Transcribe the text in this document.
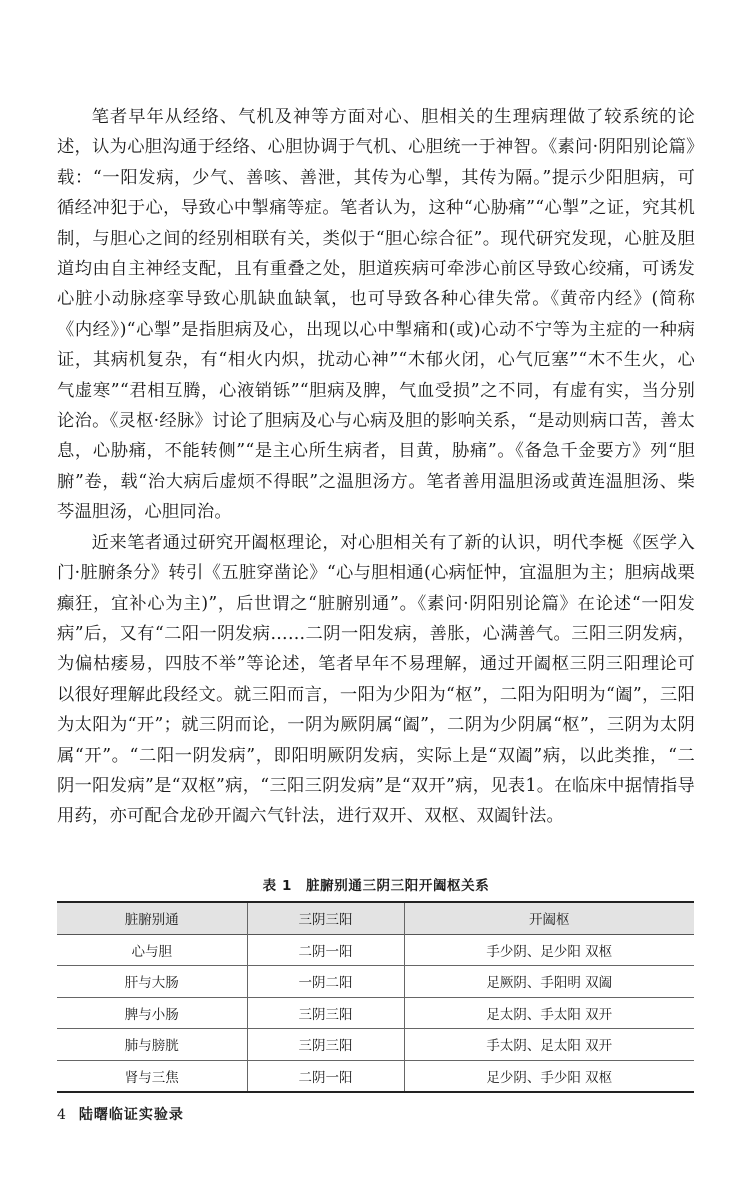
笔者早年从经络、气机及神等方面对心、胆相关的生理病理做了较系统的论述，认为心胆沟通于经络、心胆协调于气机、心胆统一于神智。《素问·阴阳别论篇》载：“一阳发病，少气、善咳、善泄，其传为心掣，其传为隔。”提示少阳胆病，可循经冲犯于心，导致心中掣痛等症。笔者认为，这种“心胁痛”“心掣”之证，究其机制，与胆心之间的经别相联有关，类似于“胆心综合征”。现代研究发现，心脏及胆道均由自主神经支配，且有重叠之处，胆道疾病可牵涉心前区导致心绞痛，可诱发心脏小动脉痉挛导致心肌缺血缺氧，也可导致各种心律失常。《黄帝内经》(简称《内经》)“心掣”是指胆病及心，出现以心中掣痛和(或)心动不宁等为主症的一种病证，其病机复杂，有“相火内炽，扰动心神”“木郁火闭，心气厄塞”“木不生火，心气虚寒”“君相互腾，心液销铄”“胆病及脾，气血受损”之不同，有虚有实，当分别论治。《灵枢·经脉》讨论了胆病及心与心病及胆的影响关系，“是动则病口苦，善太息，心胁痛，不能转侧”“是主心所生病者，目黄，胁痛”。《备急千金要方》列“胆腑”卷，载“治大病后虚烦不得眠”之温胆汤方。笔者善用温胆汤或黄连温胆汤、柴芩温胆汤，心胆同治。

近来笔者通过研究开阖枢理论，对心胆相关有了新的认识，明代李梴《医学入门·脏腑条分》转引《五脏穿凿论》“心与胆相通(心病怔忡，宜温胆为主；胆病战栗癫狂，宜补心为主)”，后世谓之“脏腑别通”。《素问·阴阳别论篇》在论述“一阳发病”后，又有“二阳一阴发病……二阴一阳发病，善胀，心满善气。三阳三阴发病，为偏枯痿易，四肢不举”等论述，笔者早年不易理解，通过开阖枢三阴三阳理论可以很好理解此段经文。就三阳而言，一阳为少阳为“枢”，二阳为阳明为“阖”，三阳为太阳为“开”；就三阴而论，一阴为厥阴属“阖”，二阴为少阴属“枢”，三阴为太阴属“开”。“二阳一阴发病”，即阳明厥阴发病，实际上是“双阖”病，以此类推，“二阴一阳发病”是“双枢”病，“三阳三阴发病”是“双开”病，见表1。在临床中据情指导用药，亦可配合龙砂开阖六气针法，进行双开、双枢、双阖针法。

表 1 脏腑别通三阴三阳开阖枢关系
脏腑别通	三阴三阳	开阖枢
心与胆	二阴一阳	手少阴、足少阳 双枢
肝与大肠	一阴二阳	足厥阴、手阳明 双阖
脾与小肠	三阴三阳	足太阴、手太阳 双开
肺与膀胱	三阴三阳	手太阴、足太阳 双开
肾与三焦	二阴一阳	足少阴、手少阳 双枢
4 陆曙临证实验录
